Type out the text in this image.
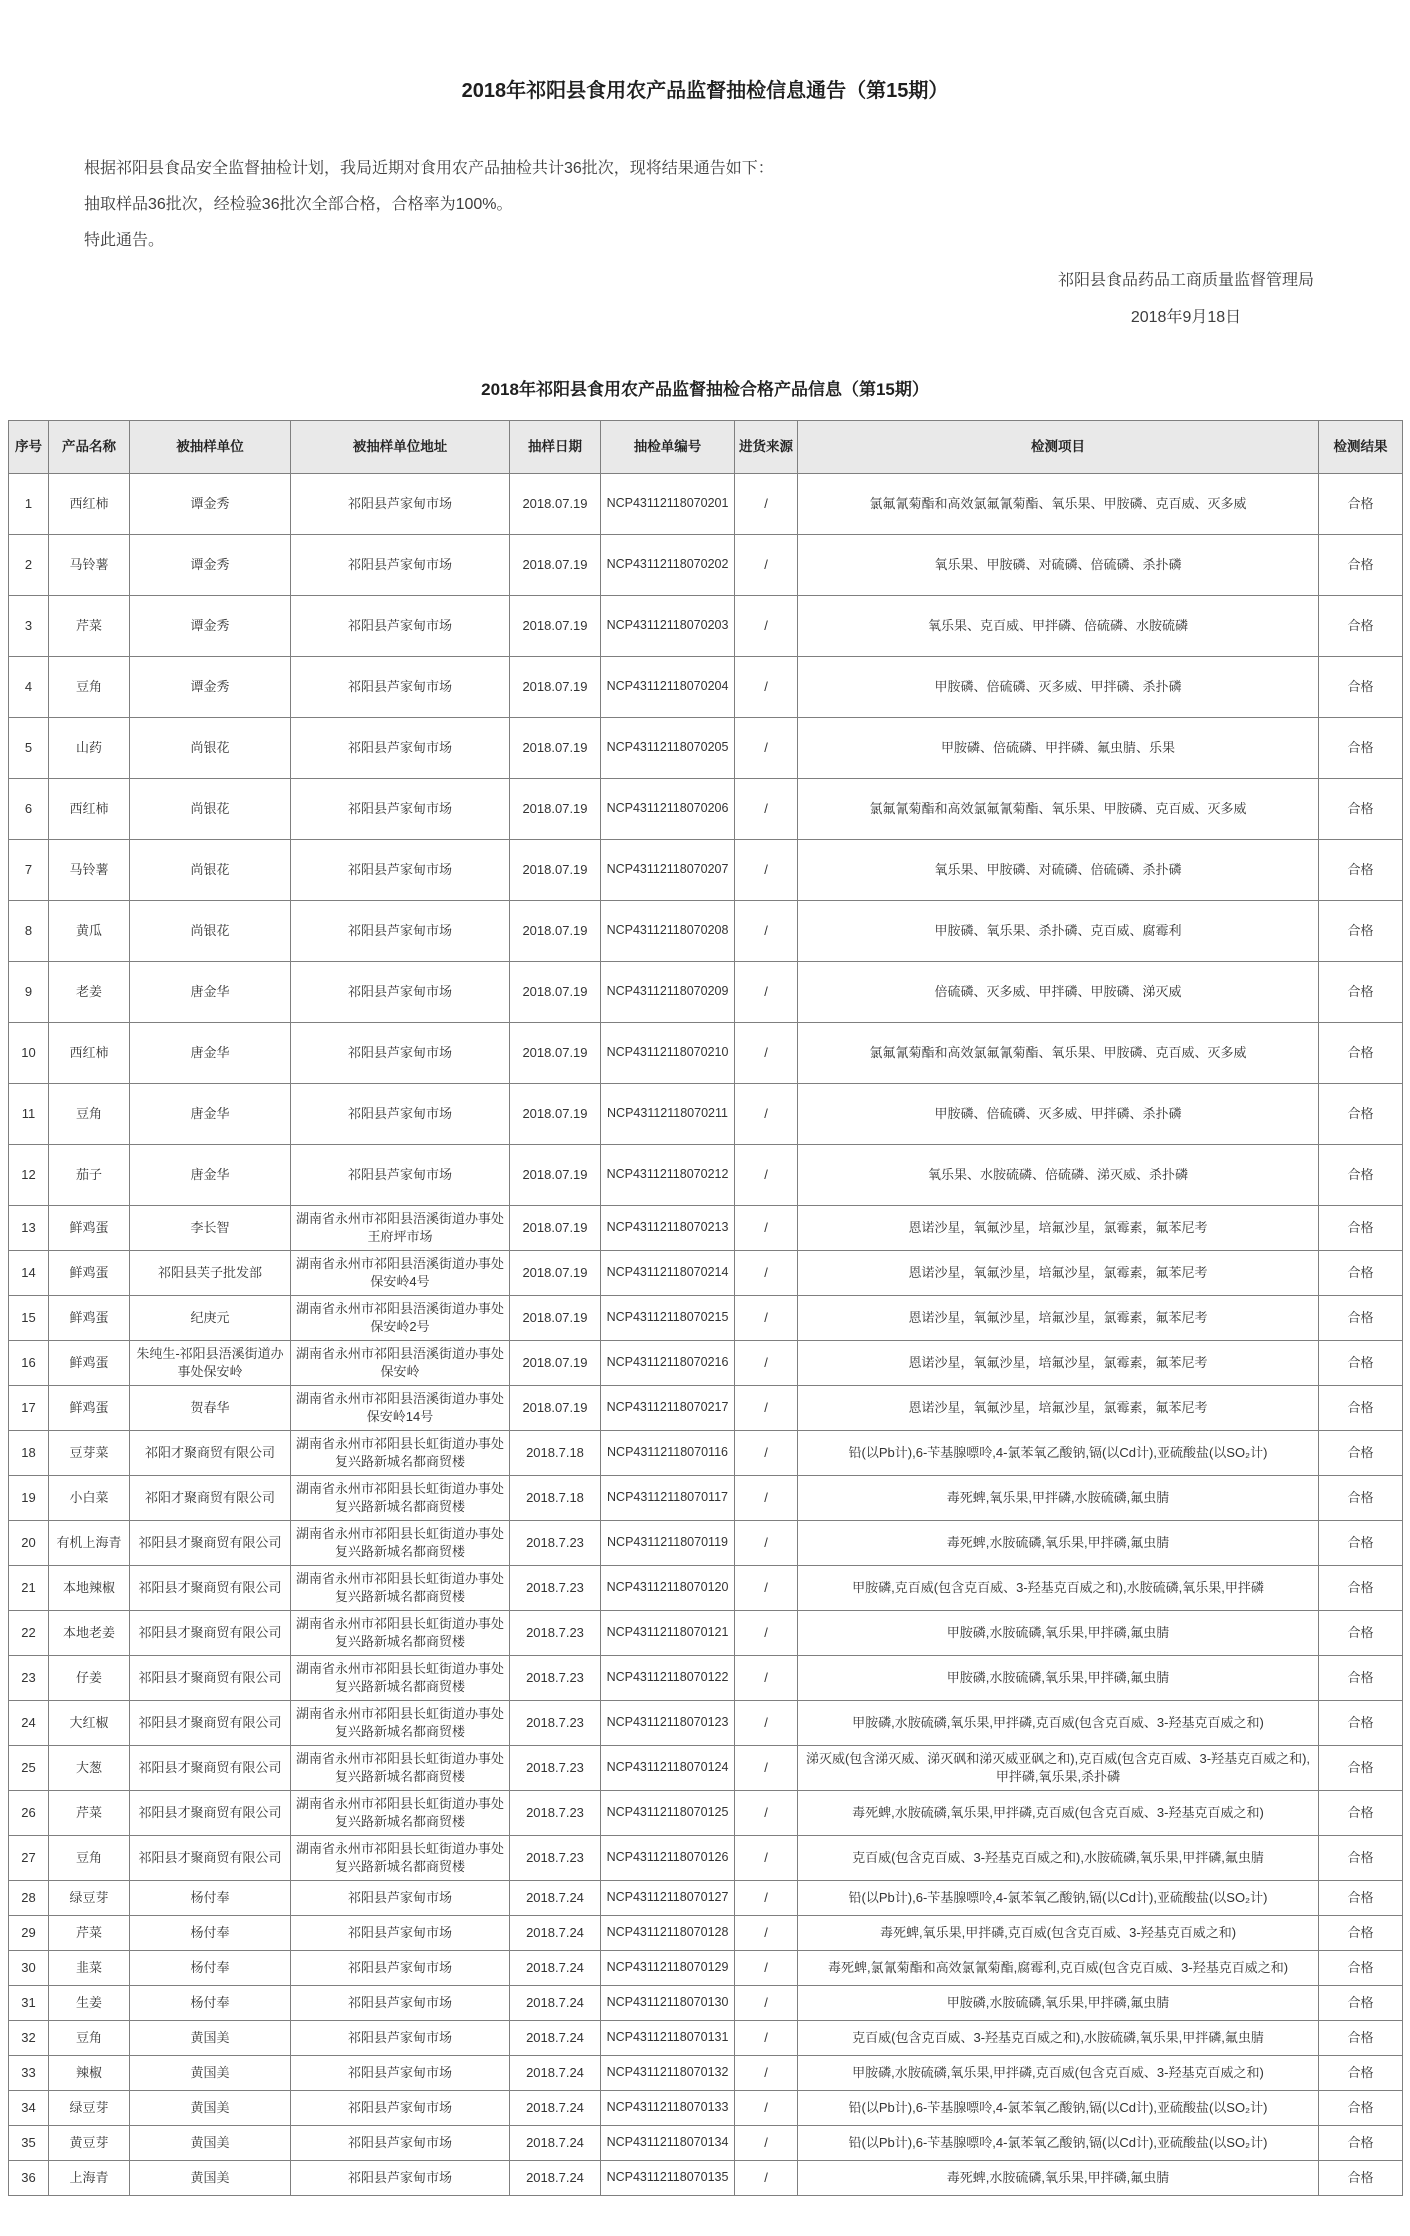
2018年祁阳县食用农产品监督抽检信息通告（第15期）

根据祁阳县食品安全监督抽检计划，我局近期对食用农产品抽检共计36批次，现将结果通告如下：

抽取样品36批次，经检验36批次全部合格，合格率为100%。

特此通告。

祁阳县食品药品工商质量监督管理局
2018年9月18日
2018年祁阳县食用农产品监督抽检合格产品信息（第15期）
序号	产品名称	被抽样单位	被抽样单位地址	抽样日期	抽检单编号	进货来源	检测项目	检测结果
1	西红柿	谭金秀	祁阳县芦家甸市场	2018.07.19	NCP43112118070201	/	氯氟氰菊酯和高效氯氟氰菊酯、氧乐果、甲胺磷、克百威、灭多威	合格
2	马铃薯	谭金秀	祁阳县芦家甸市场	2018.07.19	NCP43112118070202	/	氧乐果、甲胺磷、对硫磷、倍硫磷、杀扑磷	合格
3	芹菜	谭金秀	祁阳县芦家甸市场	2018.07.19	NCP43112118070203	/	氧乐果、克百威、甲拌磷、倍硫磷、水胺硫磷	合格
4	豆角	谭金秀	祁阳县芦家甸市场	2018.07.19	NCP43112118070204	/	甲胺磷、倍硫磷、灭多威、甲拌磷、杀扑磷	合格
5	山药	尚银花	祁阳县芦家甸市场	2018.07.19	NCP43112118070205	/	甲胺磷、倍硫磷、甲拌磷、氟虫腈、乐果	合格
6	西红柿	尚银花	祁阳县芦家甸市场	2018.07.19	NCP43112118070206	/	氯氟氰菊酯和高效氯氟氰菊酯、氧乐果、甲胺磷、克百威、灭多威	合格
7	马铃薯	尚银花	祁阳县芦家甸市场	2018.07.19	NCP43112118070207	/	氧乐果、甲胺磷、对硫磷、倍硫磷、杀扑磷	合格
8	黄瓜	尚银花	祁阳县芦家甸市场	2018.07.19	NCP43112118070208	/	甲胺磷、氧乐果、杀扑磷、克百威、腐霉利	合格
9	老姜	唐金华	祁阳县芦家甸市场	2018.07.19	NCP43112118070209	/	倍硫磷、灭多威、甲拌磷、甲胺磷、涕灭威	合格
10	西红柿	唐金华	祁阳县芦家甸市场	2018.07.19	NCP43112118070210	/	氯氟氰菊酯和高效氯氟氰菊酯、氧乐果、甲胺磷、克百威、灭多威	合格
11	豆角	唐金华	祁阳县芦家甸市场	2018.07.19	NCP43112118070211	/	甲胺磷、倍硫磷、灭多威、甲拌磷、杀扑磷	合格
12	茄子	唐金华	祁阳县芦家甸市场	2018.07.19	NCP43112118070212	/	氧乐果、水胺硫磷、倍硫磷、涕灭威、杀扑磷	合格
13	鲜鸡蛋	李长智	湖南省永州市祁阳县浯溪街道办事处王府坪市场	2018.07.19	NCP43112118070213	/	恩诺沙星，氧氟沙星，培氟沙星，氯霉素，氟苯尼考	合格
14	鲜鸡蛋	祁阳县芙子批发部	湖南省永州市祁阳县浯溪街道办事处保安岭4号	2018.07.19	NCP43112118070214	/	恩诺沙星，氧氟沙星，培氟沙星，氯霉素，氟苯尼考	合格
15	鲜鸡蛋	纪庚元	湖南省永州市祁阳县浯溪街道办事处保安岭2号	2018.07.19	NCP43112118070215	/	恩诺沙星，氧氟沙星，培氟沙星，氯霉素，氟苯尼考	合格
16	鲜鸡蛋	朱纯生-祁阳县浯溪街道办事处保安岭	湖南省永州市祁阳县浯溪街道办事处保安岭	2018.07.19	NCP43112118070216	/	恩诺沙星，氧氟沙星，培氟沙星，氯霉素，氟苯尼考	合格
17	鲜鸡蛋	贺春华	湖南省永州市祁阳县浯溪街道办事处保安岭14号	2018.07.19	NCP43112118070217	/	恩诺沙星，氧氟沙星，培氟沙星，氯霉素，氟苯尼考	合格
18	豆芽菜	祁阳才聚商贸有限公司	湖南省永州市祁阳县长虹街道办事处复兴路新城名都商贸楼	2018.7.18	NCP43112118070116	/	铅(以Pb计),6-苄基腺嘌呤,4-氯苯氧乙酸钠,镉(以Cd计),亚硫酸盐(以SO₂计)	合格
19	小白菜	祁阳才聚商贸有限公司	湖南省永州市祁阳县长虹街道办事处复兴路新城名都商贸楼	2018.7.18	NCP43112118070117	/	毒死蜱,氧乐果,甲拌磷,水胺硫磷,氟虫腈	合格
20	有机上海青	祁阳县才聚商贸有限公司	湖南省永州市祁阳县长虹街道办事处复兴路新城名都商贸楼	2018.7.23	NCP43112118070119	/	毒死蜱,水胺硫磷,氧乐果,甲拌磷,氟虫腈	合格
21	本地辣椒	祁阳县才聚商贸有限公司	湖南省永州市祁阳县长虹街道办事处复兴路新城名都商贸楼	2018.7.23	NCP43112118070120	/	甲胺磷,克百威(包含克百威、3-羟基克百威之和),水胺硫磷,氧乐果,甲拌磷	合格
22	本地老姜	祁阳县才聚商贸有限公司	湖南省永州市祁阳县长虹街道办事处复兴路新城名都商贸楼	2018.7.23	NCP43112118070121	/	甲胺磷,水胺硫磷,氧乐果,甲拌磷,氟虫腈	合格
23	仔姜	祁阳县才聚商贸有限公司	湖南省永州市祁阳县长虹街道办事处复兴路新城名都商贸楼	2018.7.23	NCP43112118070122	/	甲胺磷,水胺硫磷,氧乐果,甲拌磷,氟虫腈	合格
24	大红椒	祁阳县才聚商贸有限公司	湖南省永州市祁阳县长虹街道办事处复兴路新城名都商贸楼	2018.7.23	NCP43112118070123	/	甲胺磷,水胺硫磷,氧乐果,甲拌磷,克百威(包含克百威、3-羟基克百威之和)	合格
25	大葱	祁阳县才聚商贸有限公司	湖南省永州市祁阳县长虹街道办事处复兴路新城名都商贸楼	2018.7.23	NCP43112118070124	/	涕灭威(包含涕灭威、涕灭砜和涕灭威亚砜之和),克百威(包含克百威、3-羟基克百威之和),甲拌磷,氧乐果,杀扑磷	合格
26	芹菜	祁阳县才聚商贸有限公司	湖南省永州市祁阳县长虹街道办事处复兴路新城名都商贸楼	2018.7.23	NCP43112118070125	/	毒死蜱,水胺硫磷,氧乐果,甲拌磷,克百威(包含克百威、3-羟基克百威之和)	合格
27	豆角	祁阳县才聚商贸有限公司	湖南省永州市祁阳县长虹街道办事处复兴路新城名都商贸楼	2018.7.23	NCP43112118070126	/	克百威(包含克百威、3-羟基克百威之和),水胺硫磷,氧乐果,甲拌磷,氟虫腈	合格
28	绿豆芽	杨付奉	祁阳县芦家甸市场	2018.7.24	NCP43112118070127	/	铅(以Pb计),6-苄基腺嘌呤,4-氯苯氧乙酸钠,镉(以Cd计),亚硫酸盐(以SO₂计)	合格
29	芹菜	杨付奉	祁阳县芦家甸市场	2018.7.24	NCP43112118070128	/	毒死蜱,氧乐果,甲拌磷,克百威(包含克百威、3-羟基克百威之和)	合格
30	韭菜	杨付奉	祁阳县芦家甸市场	2018.7.24	NCP43112118070129	/	毒死蜱,氯氰菊酯和高效氯氰菊酯,腐霉利,克百威(包含克百威、3-羟基克百威之和)	合格
31	生姜	杨付奉	祁阳县芦家甸市场	2018.7.24	NCP43112118070130	/	甲胺磷,水胺硫磷,氧乐果,甲拌磷,氟虫腈	合格
32	豆角	黄国美	祁阳县芦家甸市场	2018.7.24	NCP43112118070131	/	克百威(包含克百威、3-羟基克百威之和),水胺硫磷,氧乐果,甲拌磷,氟虫腈	合格
33	辣椒	黄国美	祁阳县芦家甸市场	2018.7.24	NCP43112118070132	/	甲胺磷,水胺硫磷,氧乐果,甲拌磷,克百威(包含克百威、3-羟基克百威之和)	合格
34	绿豆芽	黄国美	祁阳县芦家甸市场	2018.7.24	NCP43112118070133	/	铅(以Pb计),6-苄基腺嘌呤,4-氯苯氧乙酸钠,镉(以Cd计),亚硫酸盐(以SO₂计)	合格
35	黄豆芽	黄国美	祁阳县芦家甸市场	2018.7.24	NCP43112118070134	/	铅(以Pb计),6-苄基腺嘌呤,4-氯苯氧乙酸钠,镉(以Cd计),亚硫酸盐(以SO₂计)	合格
36	上海青	黄国美	祁阳县芦家甸市场	2018.7.24	NCP43112118070135	/	毒死蜱,水胺硫磷,氧乐果,甲拌磷,氟虫腈	合格
